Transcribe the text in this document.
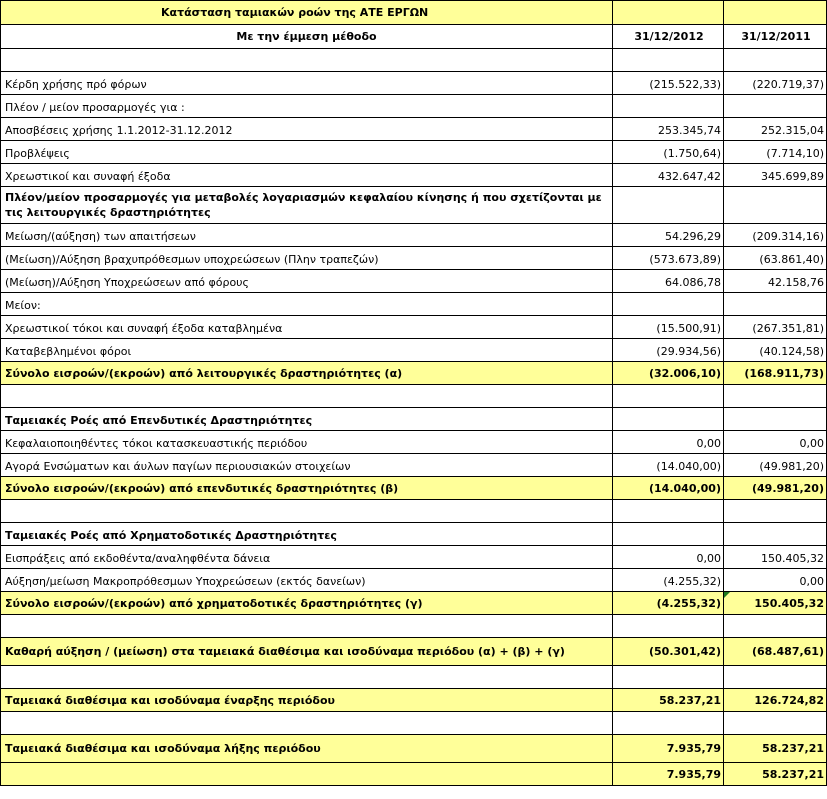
Κατάσταση ταμιακών ροών της ΑΤΕ ΕΡΓΩΝ		
Με την έμμεση μέθοδο	31/12/2012	31/12/2011

Κέρδη χρήσης πρό φόρων	(215.522,33)	(220.719,37)
Πλέον / μείον προσαρμογές για :		
Αποσβέσεις χρήσης 1.1.2012-31.12.2012	253.345,74	252.315,04
Προβλέψεις	(1.750,64)	(7.714,10)
Χρεωστικοί και συναφή έξοδα	432.647,42	345.699,89
Πλέον/μείον προσαρμογές για μεταβολές λογαριασμών κεφαλαίου κίνησης ή που σχετίζονται με τις λειτουργικές δραστηριότητες		
Μείωση/(αύξηση) των απαιτήσεων	54.296,29	(209.314,16)
(Μείωση)/Αύξηση βραχυπρόθεσμων υποχρεώσεων (Πλην τραπεζών)	(573.673,89)	(63.861,40)
(Μείωση)/Αύξηση Υποχρεώσεων από φόρους	64.086,78	42.158,76
Μείον:		
Χρεωστικοί τόκοι και συναφή έξοδα καταβλημένα	(15.500,91)	(267.351,81)
Καταβεβλημένοι φόροι	(29.934,56)	(40.124,58)
Σύνολο εισροών/(εκροών) από λειτουργικές δραστηριότητες (α)	(32.006,10)	(168.911,73)

Ταμειακές Ροές από Επενδυτικές Δραστηριότητες		
Κεφαλαιοποιηθέντες τόκοι κατασκευαστικής περιόδου	0,00	0,00
Αγορά Ενσώματων και άυλων παγίων περιουσιακών στοιχείων	(14.040,00)	(49.981,20)
Σύνολο εισροών/(εκροών) από επενδυτικές δραστηριότητες (β)	(14.040,00)	(49.981,20)

Ταμειακές Ροές από Χρηματοδοτικές Δραστηριότητες		
Εισπράξεις από εκδοθέντα/αναληφθέντα δάνεια	0,00	150.405,32
Αύξηση/μείωση Μακροπρόθεσμων Υποχρεώσεων (εκτός δανείων)	(4.255,32)	0,00
Σύνολο εισροών/(εκροών) από χρηματοδοτικές δραστηριότητες (γ)	(4.255,32)	150.405,32

Καθαρή αύξηση / (μείωση) στα ταμειακά διαθέσιμα και ισοδύναμα περιόδου (α) + (β) + (γ)	(50.301,42)	(68.487,61)

Ταμειακά διαθέσιμα και ισοδύναμα έναρξης περιόδου	58.237,21	126.724,82

Ταμειακά διαθέσιμα και ισοδύναμα λήξης περιόδου	7.935,79	58.237,21
	7.935,79	58.237,21
